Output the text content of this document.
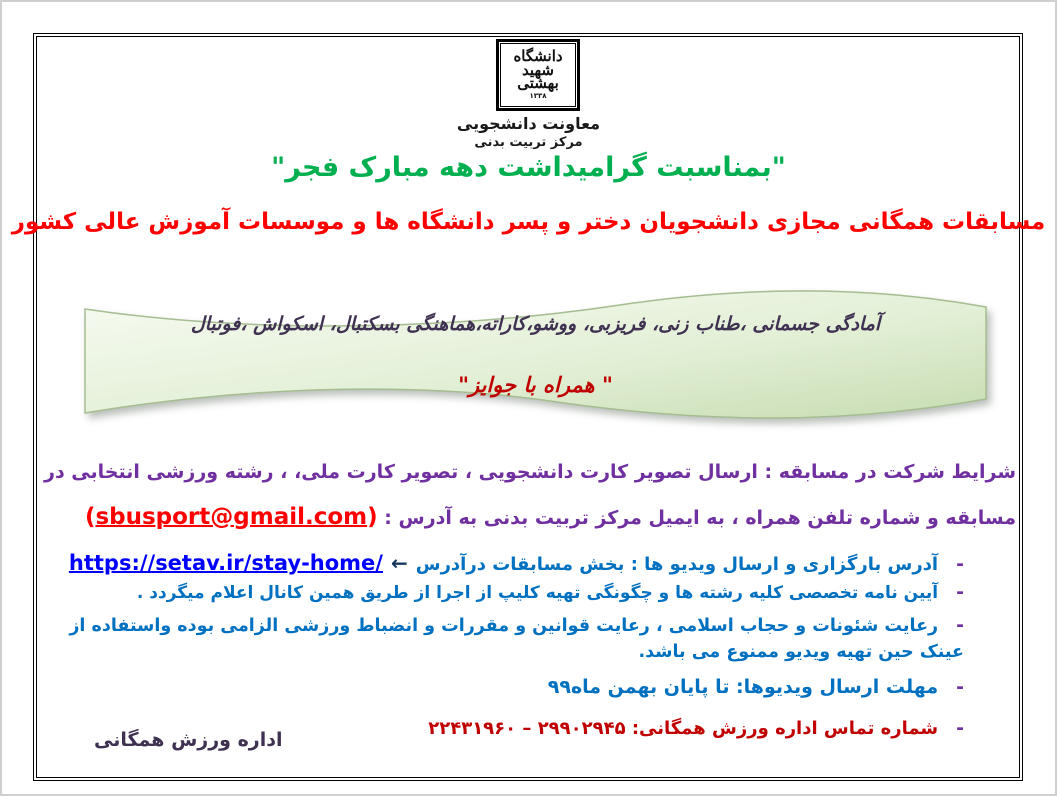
دانشگاه
شهید
بهشتی
۱۳۳۸
معاونت دانشجویی
مرکز تربیت بدنی
"بمناسبت گرامیداشت دهه مبارک فجر"
مسابقات همگانی مجازی دانشجویان دختر و پسر دانشگاه ها و موسسات آموزش عالی کشور
آمادگی جسمانی ،طناب زنی، فریزبی، ووشو،کاراته،هماهنگی بسکتبال، اسکواش ،فوتبال
" همراه با جوایز"

شرایط شرکت در مسابقه : ارسال تصویر کارت دانشجویی ، تصویر کارت ملی، ، رشته ورزشی انتخابی در مسابقه و شماره تلفن همراه ، به ایمیل مرکز تربیت بدنی به آدرس : (sbusport@gmail.com)

-آدرس بارگزاری و ارسال ویدیو ها : بخش مسابقات درآدرس←https://setav.ir/stay-home/
-آیین نامه تخصصی کلیه رشته ها و چگونگی تهیه کلیپ از اجرا از طریق همین کانال اعلام میگردد .
-رعایت شئونات و حجاب اسلامی ، رعایت قوانین و مقررات و انضباط ورزشی الزامی بوده واستفاده از عینک حین تهیه ویدیو ممنوع می باشد.
-مهلت ارسال ویدیوها: تا پایان بهمن ماه۹۹
-شماره تماس اداره ورزش همگانی: ۲۹۹۰۲۹۴۵ – ۲۲۴۳۱۹۶۰
اداره ورزش همگانی
